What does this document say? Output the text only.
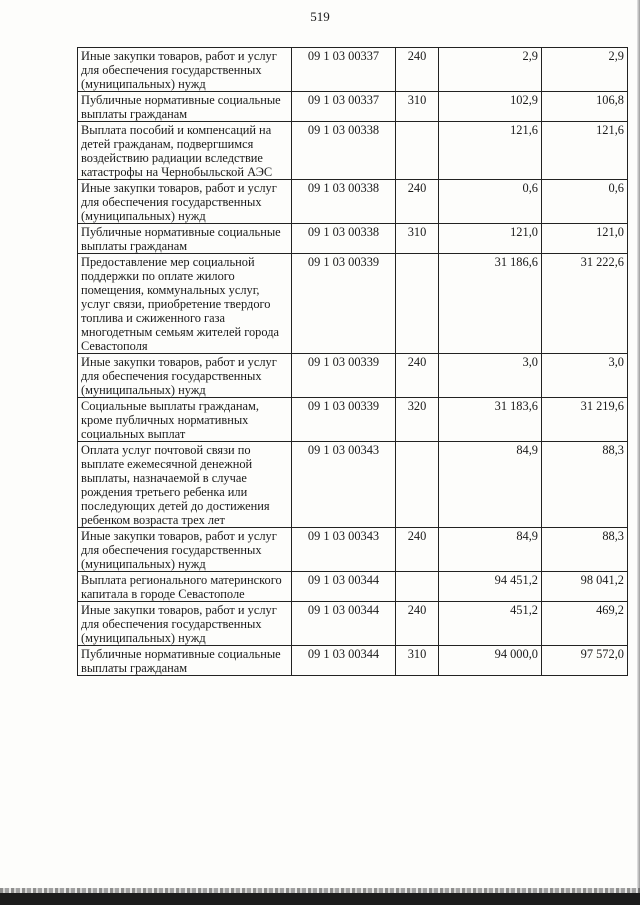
519
Иные закупки товаров, работ и услуг для обеспечения государственных (муниципальных) нужд	09 1 03 00337	240	2,9	2,9
Публичные нормативные социальные выплаты гражданам	09 1 03 00337	310	102,9	106,8
Выплата пособий и компенсаций на детей гражданам, подвергшимся воздействию радиации вследствие катастрофы на Чернобыльской АЭС	09 1 03 00338		121,6	121,6
Иные закупки товаров, работ и услуг для обеспечения государственных (муниципальных) нужд	09 1 03 00338	240	0,6	0,6
Публичные нормативные социальные выплаты гражданам	09 1 03 00338	310	121,0	121,0
Предоставление мер социальной поддержки по оплате жилого помещения, коммунальных услуг, услуг связи, приобретение твердого топлива и сжиженного газа многодетным семьям жителей города Севастополя	09 1 03 00339		31 186,6	31 222,6
Иные закупки товаров, работ и услуг для обеспечения государственных (муниципальных) нужд	09 1 03 00339	240	3,0	3,0
Социальные выплаты гражданам, кроме публичных нормативных социальных выплат	09 1 03 00339	320	31 183,6	31 219,6
Оплата услуг почтовой связи по выплате ежемесячной денежной выплаты, назначаемой в случае рождения третьего ребенка или последующих детей до достижения ребенком возраста трех лет	09 1 03 00343		84,9	88,3
Иные закупки товаров, работ и услуг для обеспечения государственных (муниципальных) нужд	09 1 03 00343	240	84,9	88,3
Выплата регионального материнского капитала в городе Севастополе	09 1 03 00344		94 451,2	98 041,2
Иные закупки товаров, работ и услуг для обеспечения государственных (муниципальных) нужд	09 1 03 00344	240	451,2	469,2
Публичные нормативные социальные выплаты гражданам	09 1 03 00344	310	94 000,0	97 572,0
